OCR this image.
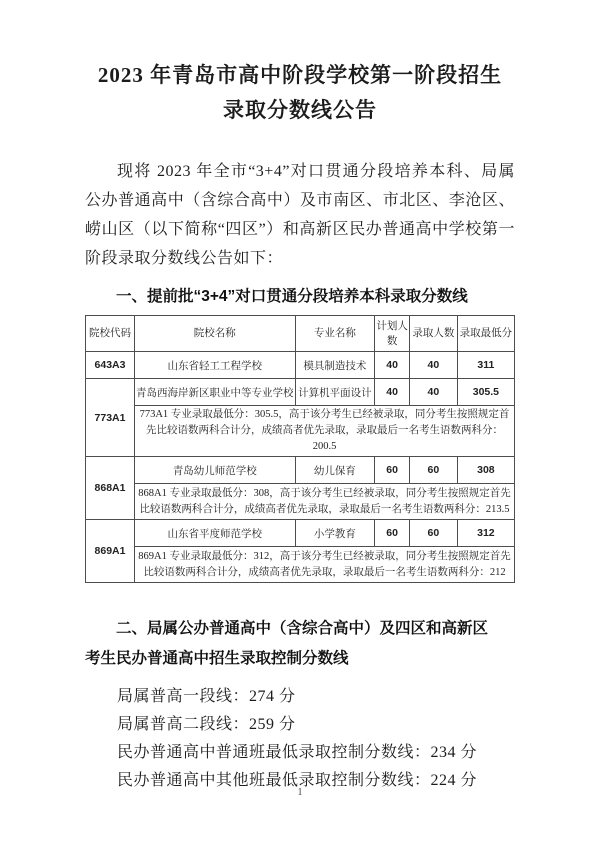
2023 年青岛市高中阶段学校第一阶段招生
录取分数线公告
现将 2023 年全市“3+4”对口贯通分段培养本科、局属公办普通高中（含综合高中）及市南区、市北区、李沧区、崂山区（以下简称“四区”）和高新区民办普通高中学校第一阶段录取分数线公告如下：
一、提前批“3+4”对口贯通分段培养本科录取分数线
院校代码	院校名称	专业名称	计划人数	录取人数	录取最低分
643A3	山东省轻工工程学校	模具制造技术	40	40	311
773A1	青岛西海岸新区职业中等专业学校	计算机平面设计	40	40	305.5
	773A1 专业录取最低分：305.5，高于该分考生已经被录取，同分考生按照规定首先比较语数两科合计分，成绩高者优先录取，录取最后一名考生语数两科分：200.5				
868A1	青岛幼儿师范学校	幼儿保育	60	60	308
	868A1 专业录取最低分：308，高于该分考生已经被录取，同分考生按照规定首先比较语数两科合计分，成绩高者优先录取，录取最后一名考生语数两科分：213.5				
869A1	山东省平度师范学校	小学教育	60	60	312
	869A1 专业录取最低分：312，高于该分考生已经被录取，同分考生按照规定首先比较语数两科合计分，成绩高者优先录取，录取最后一名考生语数两科分：212				
二、局属公办普通高中（含综合高中）及四区和高新区
考生民办普通高中招生录取控制分数线
局属普高一段线：274 分
局属普高二段线：259 分
民办普通高中普通班最低录取控制分数线：234 分
民办普通高中其他班最低录取控制分数线：224 分
1
